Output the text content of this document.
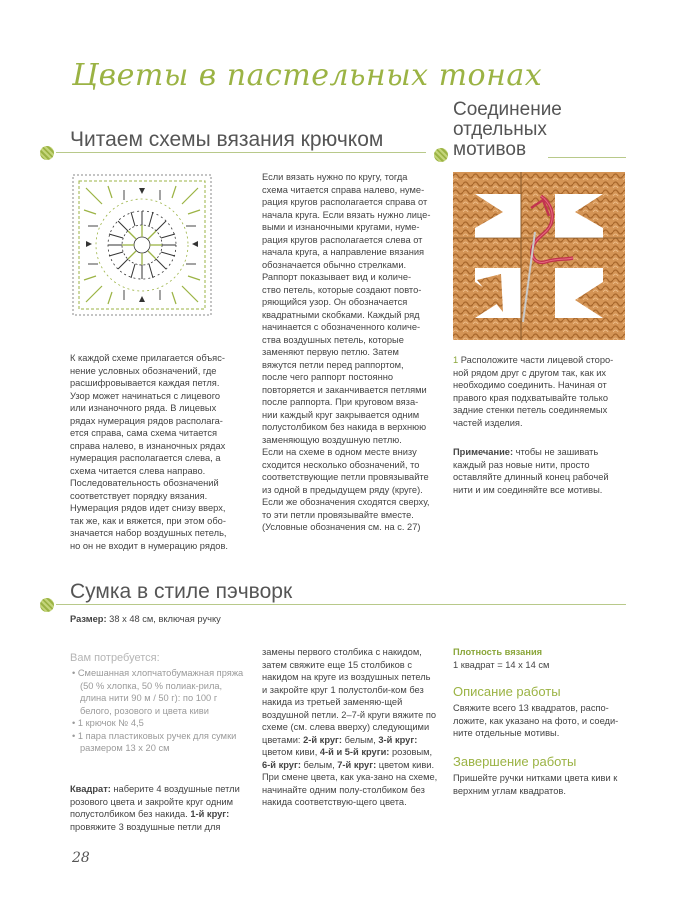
Цветы в пастельных тонах
Читаем схемы вязания крючком
Соединение
отдельных
мотивов

К каждой схеме прилагается объяс-

нение условных обозначений, где

расшифровывается каждая петля.

Узор может начинаться с лицевого

или изнаночного ряда. В лицевых

рядах нумерация рядов располага-

ется справа, сама схема читается

справа налево, в изнаночных рядах

нумерация располагается слева, а

схема читается слева направо.

Последовательность обозначений

соответствует порядку вязания.

Нумерация рядов идет снизу вверх,

так же, как и вяжется, при этом обо-

значается набор воздушных петель,

но он не входит в нумерацию рядов.

Если вязать нужно по кругу, тогда

схема читается справа налево, нуме-

рация кругов располагается справа от

начала круга. Если вязать нужно лице-

выми и изнаночными кругами, нуме-

рация кругов располагается слева от

начала круга, а направление вязания

обозначается обычно стрелками.

Раппорт показывает вид и количе-

ство петель, которые создают повто-

ряющийся узор. Он обозначается

квадратными скобками. Каждый ряд

начинается с обозначенного количе-

ства воздушных петель, которые

заменяют первую петлю. Затем

вяжутся петли перед раппортом,

после чего раппорт постоянно

повторяется и заканчивается петлями

после раппорта. При круговом вязa-

нии каждый круг закрывается одним

полустолбиком без накида в верхнюю

заменяющую воздушную петлю.

Если на схеме в одном месте внизу

сходится несколько обозначений, то

соответствующие петли провязывайте

из одной в предыдущем ряду (круге).

Если же обозначения сходятся сверху,

то эти петли провязывайте вместе.

(Условные обозначения см. на с. 27)

1 Расположите части лицевой сторо-

ной рядом друг с другом так, как их

необходимо соединить. Начиная от

правого края подхватывайте только

задние стенки петель соединяемых

частей изделия.

Примечание: чтобы не зашивать

каждый раз новые нити, просто

оставляйте длинный конец рабочей

нити и им соединяйте все мотивы.

Сумка в стиле пэчворк
Размер: 38 х 48 см, включая ручку
Вам потребуется:
• Смешанная хлопчатобумажная пряжа (50 % хлопка, 50 % полиак-рила, длина нити 90 м / 50 г): по 100 г белого, розового и цвета киви
• 1 крючок № 4,5
• 1 пара пластиковых ручек для сумки размером 13 х 20 см
Квадрат: наберите 4 воздушные петли розового цвета и закройте круг одним полустолбиком без накида. 1-й круг: провяжите 3 воздушные петли для
замены первого столбика с накидом, затем свяжите еще 15 столбиков с накидом на круге из воздушных петель и закройте круг 1 полустолби-ком без накида из третьей заменяю-щей воздушной петли. 2–7-й круги вяжите по схеме (см. слева вверху) следующими цветами: 2-й круг: белым, 3-й круг: цветом киви, 4-й и 5-й круги: розовым, 6-й круг: белым, 7-й круг: цветом киви. При смене цвета, как ука-зано на схеме, начинайте одним полу-столбиком без накида соответствую-щего цвета.
Плотность вязания
1 квадрат = 14 х 14 см
Описание работы
Свяжите всего 13 квадратов, распо-ложите, как указано на фото, и соеди-ните отдельные мотивы.
Завершение работы
Пришейте ручки нитками цвета киви к верхним углам квадратов.
28
